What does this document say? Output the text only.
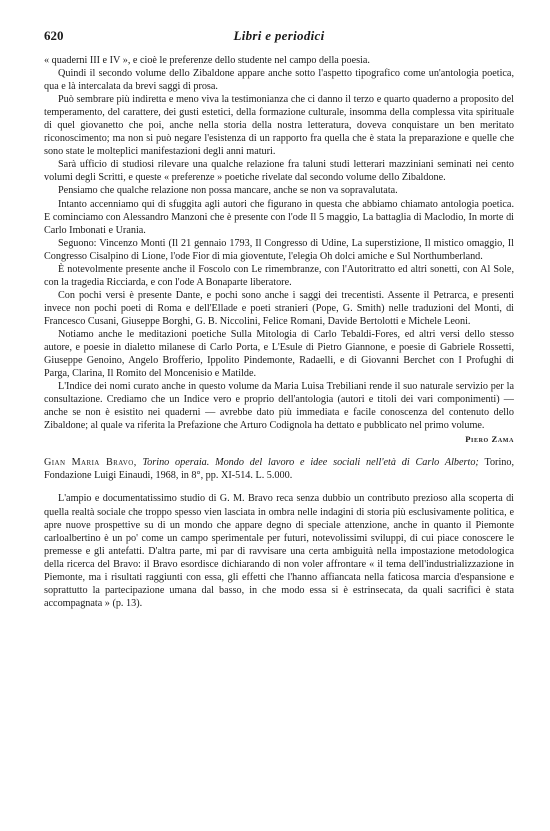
620	Libri e periodici

« quaderni III e IV », e cioè le preferenze dello studente nel campo della poesia.

Quindi il secondo volume dello Zibaldone appare anche sotto l'aspetto tipografico come un'antologia poetica, qua e là intercalata da brevi saggi di prosa.

Può sembrare più indiretta e meno viva la testimonianza che ci danno il terzo e quarto quaderno a proposito del temperamento, del carattere, dei gusti estetici, della formazione culturale, insomma della complessa vita spirituale di quel giovanetto che poi, anche nella storia della nostra letteratura, doveva conquistare un ben meritato riconoscimento; ma non si può negare l'esistenza di un rapporto fra quella che è stata la preparazione e quelle che sono state le molteplici manifestazioni degli anni maturi.

Sarà ufficio di studiosi rilevare una qualche relazione fra taluni studi letterari mazziniani seminati nei cento volumi degli Scritti, e queste « preferenze » poetiche rivelate dal secondo volume dello Zibaldone.

Pensiamo che qualche relazione non possa mancare, anche se non va sopravalutata.

Intanto accenniamo qui di sfuggita agli autori che figurano in questa che abbiamo chiamato antologia poetica. E cominciamo con Alessandro Manzoni che è presente con l'ode Il 5 maggio, La battaglia di Maclodio, In morte di Carlo Imbonati e Urania.

Seguono: Vincenzo Monti (Il 21 gennaio 1793, Il Congresso di Udine, La superstizione, Il mistico omaggio, Il Congresso Cisalpino di Lione, l'ode Fior di mia gioventute, l'elegia Oh dolci amiche e Sul Northumberland.

È notevolmente presente anche il Foscolo con Le rimembranze, con l'Autoritratto ed altri sonetti, con Al Sole, con la tragedia Ricciarda, e con l'ode A Bonaparte liberatore.

Con pochi versi è presente Dante, e pochi sono anche i saggi dei trecentisti. Assente il Petrarca, e presenti invece non pochi poeti di Roma e dell'Ellade e poeti stranieri (Pope, G. Smith) nelle traduzioni del Monti, di Francesco Cusani, Giuseppe Borghi, G. B. Niccolini, Felice Romani, Davide Bertolotti e Michele Leoni.

Notiamo anche le meditazioni poetiche Sulla Mitologia di Carlo Tebaldi-Fores, ed altri versi dello stesso autore, e poesie in dialetto milanese di Carlo Porta, e L'Esule di Pietro Giannone, e poesie di Gabriele Rossetti, Giuseppe Genoino, Angelo Brofferio, Ippolito Pindemonte, Radaelli, e di Giovanni Berchet con I Profughi di Parga, Clarina, Il Romito del Moncenisio e Matilde.

L'Indice dei nomi curato anche in questo volume da Maria Luisa Trebiliani rende il suo naturale servizio per la consultazione. Crediamo che un Indice vero e proprio dell'antologia (autori e titoli dei vari componimenti) — anche se non è esistito nei quaderni — avrebbe dato più immediata e facile conoscenza del contenuto dello Zibaldone; al quale va riferita la Prefazione che Arturo Codignola ha dettato e pubblicato nel primo volume.

Piero Zama

Gian Maria Bravo, Torino operaia. Mondo del lavoro e idee sociali nell'età di Carlo Alberto; Torino, Fondazione Luigi Einaudi, 1968, in 8°, pp. XI-514. L. 5.000.

L'ampio e documentatissimo studio di G. M. Bravo reca senza dubbio un contributo prezioso alla scoperta di quella realtà sociale che troppo spesso vien lasciata in ombra nelle indagini di storia più esclusivamente politica, e apre nuove prospettive su di un mondo che appare degno di speciale attenzione, anche in quanto il Piemonte carloalbertino è un po' come un campo sperimentale per futuri, notevolissimi sviluppi, di cui piace conoscere le premesse e gli antefatti. D'altra parte, mi par di ravvisare una certa ambiguità nella impostazione metodologica della ricerca del Bravo: il Bravo esordisce dichiarando di non voler affrontare « il tema dell'industrializzazione in Piemonte, ma i risultati raggiunti con essa, gli effetti che l'hanno affiancata nella faticosa marcia d'espansione e soprattutto la partecipazione umana dal basso, in che modo essa si è estrinsecata, da quali sacrifici è stata accompagnata » (p. 13).
